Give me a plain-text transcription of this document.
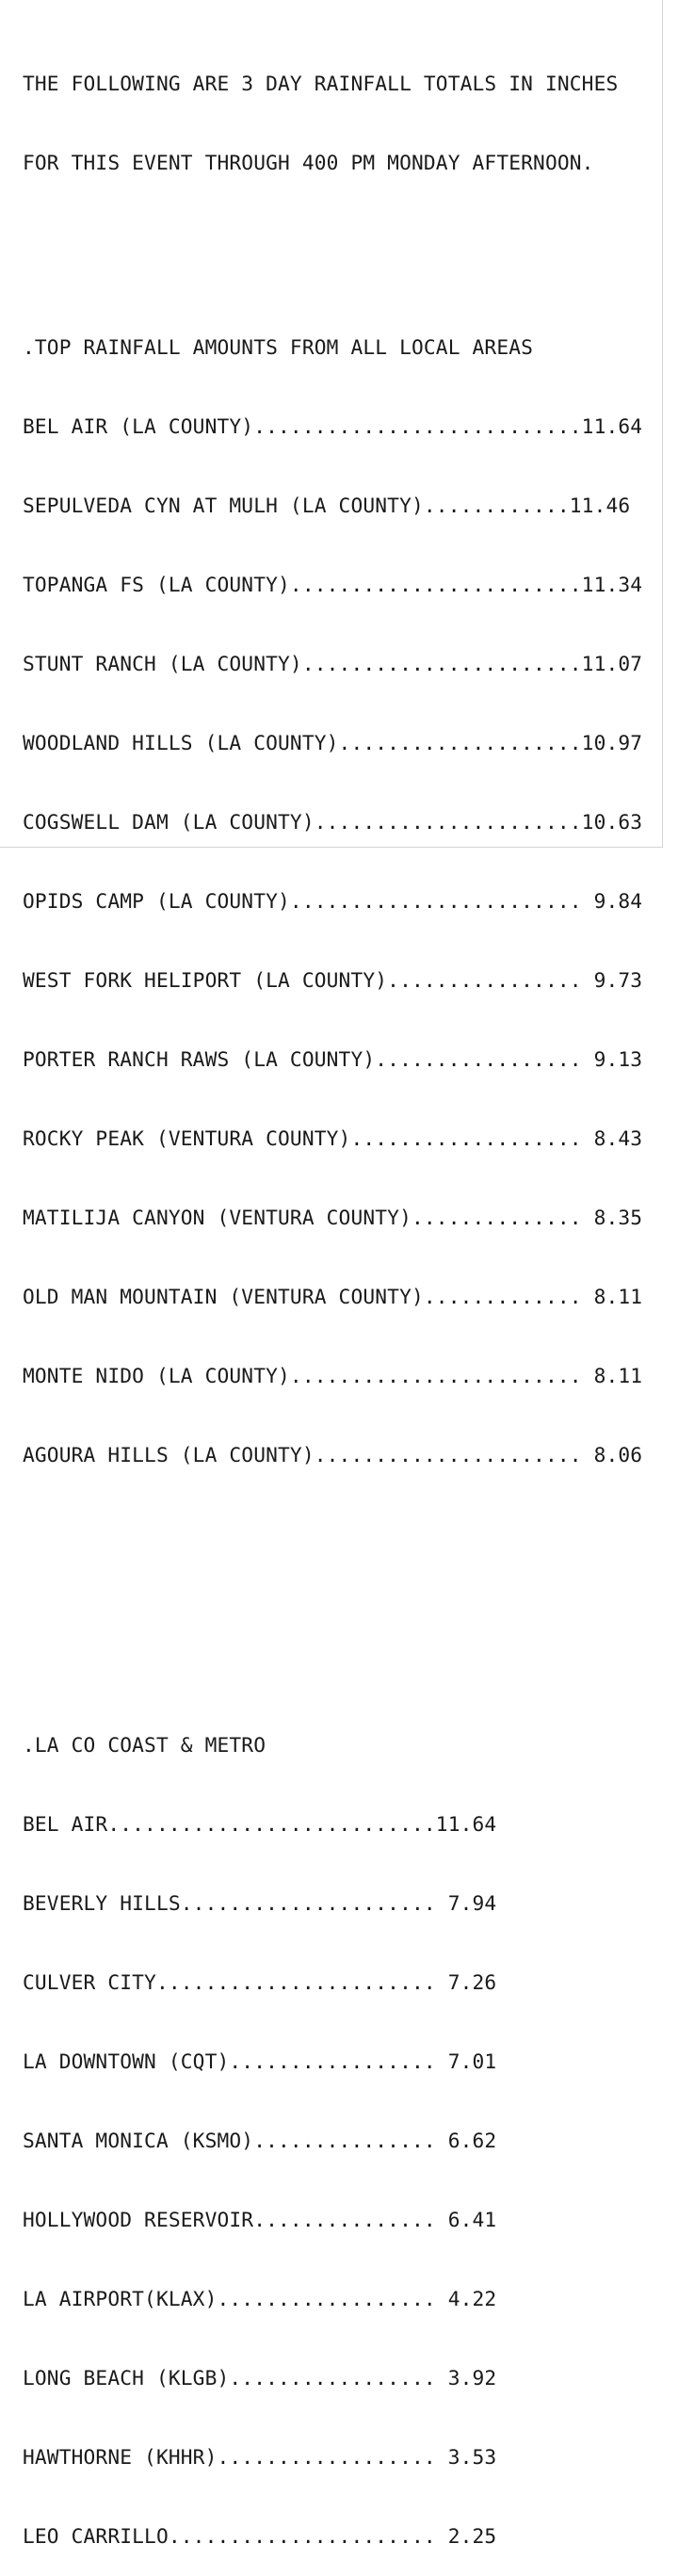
THE FOLLOWING ARE 3 DAY RAINFALL TOTALS IN INCHES

FOR THIS EVENT THROUGH 400 PM MONDAY AFTERNOON.

.TOP RAINFALL AMOUNTS FROM ALL LOCAL AREAS

BEL AIR (LA COUNTY)...........................11.64

SEPULVEDA CYN AT MULH (LA COUNTY)............11.46

TOPANGA FS (LA COUNTY)........................11.34

STUNT RANCH (LA COUNTY).......................11.07

WOODLAND HILLS (LA COUNTY)....................10.97

COGSWELL DAM (LA COUNTY)......................10.63

OPIDS CAMP (LA COUNTY)........................ 9.84

WEST FORK HELIPORT (LA COUNTY)................ 9.73

PORTER RANCH RAWS (LA COUNTY)................. 9.13

ROCKY PEAK (VENTURA COUNTY)................... 8.43

MATILIJA CANYON (VENTURA COUNTY).............. 8.35

OLD MAN MOUNTAIN (VENTURA COUNTY)............. 8.11

MONTE NIDO (LA COUNTY)........................ 8.11

AGOURA HILLS (LA COUNTY)...................... 8.06

.LA CO COAST & METRO

BEL AIR...........................11.64

BEVERLY HILLS..................... 7.94

CULVER CITY....................... 7.26

LA DOWNTOWN (CQT)................. 7.01

SANTA MONICA (KSMO)............... 6.62

HOLLYWOOD RESERVOIR............... 6.41

LA AIRPORT(KLAX).................. 4.22

LONG BEACH (KLGB)................. 3.92

HAWTHORNE (KHHR).................. 3.53

LEO CARRILLO...................... 2.25
